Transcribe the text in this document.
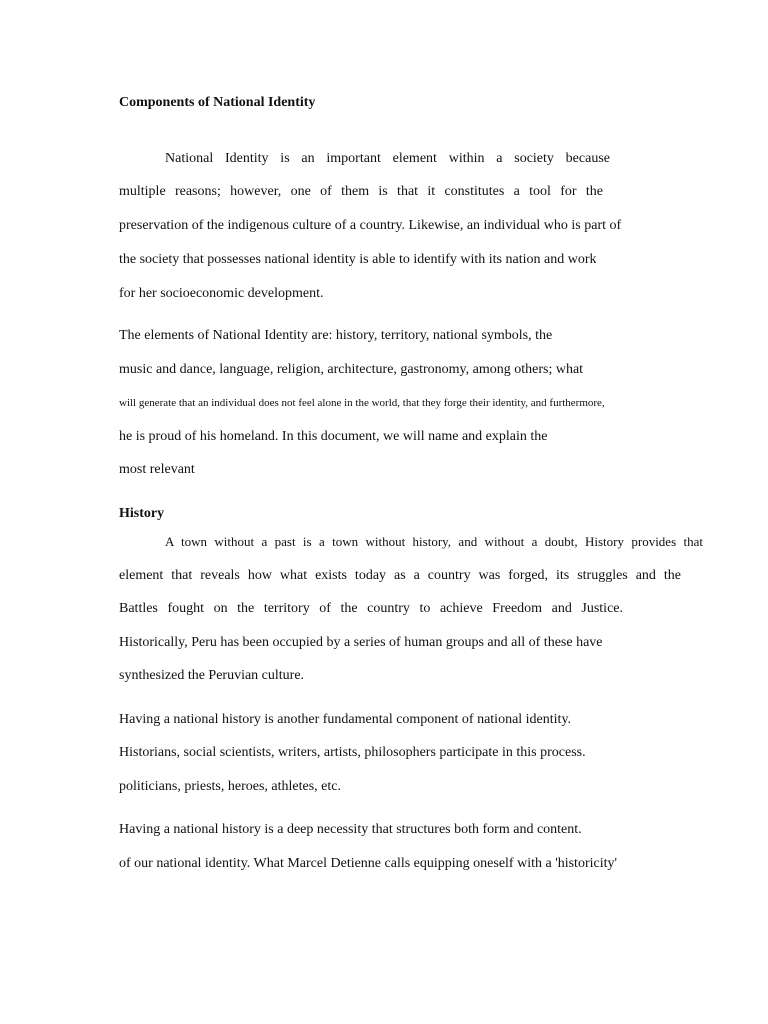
Components of National Identity
National Identity is an important element within a society because
multiple reasons; however, one of them is that it constitutes a tool for the
preservation of the indigenous culture of a country. Likewise, an individual who is part of
the society that possesses national identity is able to identify with its nation and work
for her socioeconomic development.
The elements of National Identity are: history, territory, national symbols, the
music and dance, language, religion, architecture, gastronomy, among others; what
will generate that an individual does not feel alone in the world, that they forge their identity, and furthermore,
he is proud of his homeland. In this document, we will name and explain the
most relevant
History
A town without a past is a town without history, and without a doubt, History provides that
element that reveals how what exists today as a country was forged, its struggles and the
Battles fought on the territory of the country to achieve Freedom and Justice.
Historically, Peru has been occupied by a series of human groups and all of these have
synthesized the Peruvian culture.
Having a national history is another fundamental component of national identity.
Historians, social scientists, writers, artists, philosophers participate in this process.
politicians, priests, heroes, athletes, etc.
Having a national history is a deep necessity that structures both form and content.
of our national identity. What Marcel Detienne calls equipping oneself with a 'historicity'
